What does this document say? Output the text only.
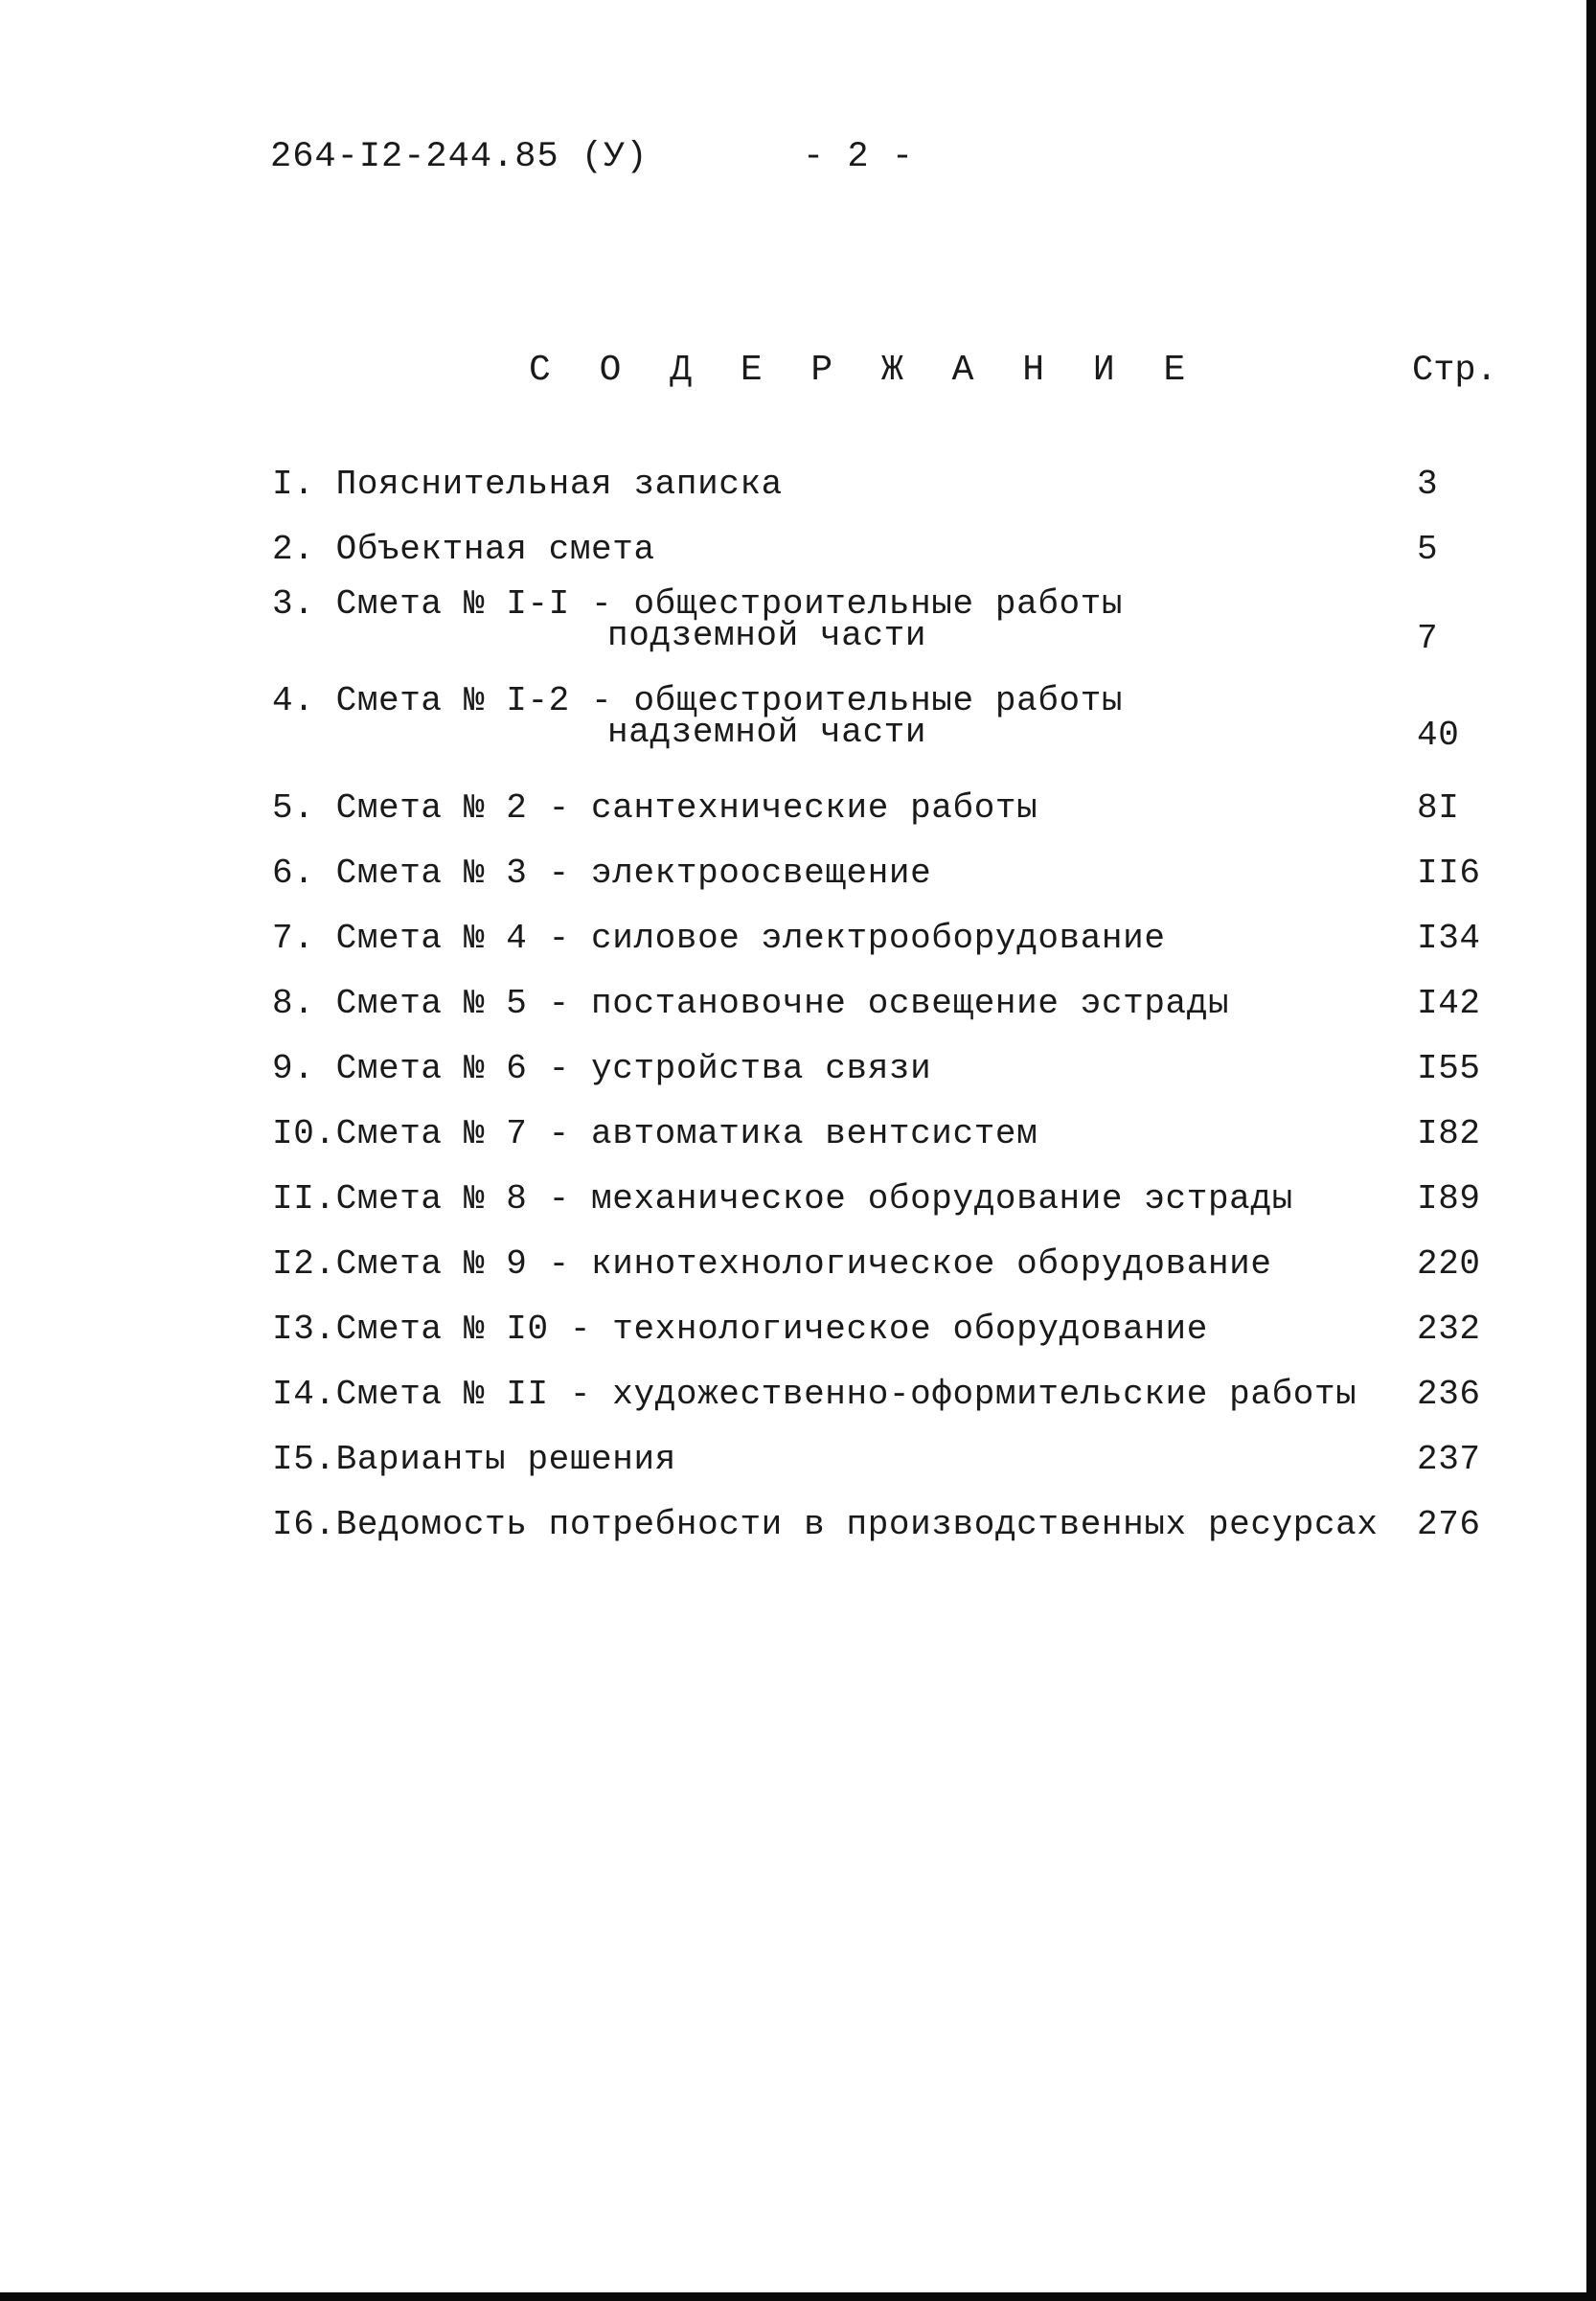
264-I2-244.85 (У)	- 2 -
С О Д Е Р Ж А Н И Е	Стр.
I. Пояснительная записка	3
2. Объектная смета	5
3. Смета № I-I - общестроительные работы
подземной части	7
4. Смета № I-2 - общестроительные работы
надземной части	40
5. Смета № 2 - сантехнические работы	8I
6. Смета № 3 - электроосвещение	II6
7. Смета № 4 - силовое электрооборудование	I34
8. Смета № 5 - постановочне освещение эстрады	I42
9. Смета № 6 - устройства связи	I55
I0.Смета № 7 - автоматика вентсистем	I82
II.Смета № 8 - механическое оборудование эстрады	I89
I2.Смета № 9 - кинотехнологическое оборудование	220
I3.Смета № I0 - технологическое оборудование	232
I4.Смета № II - художественно-оформительские работы 236
I5.Варианты решения	237
I6.Ведомость потребности в производственных ресурсах 276
